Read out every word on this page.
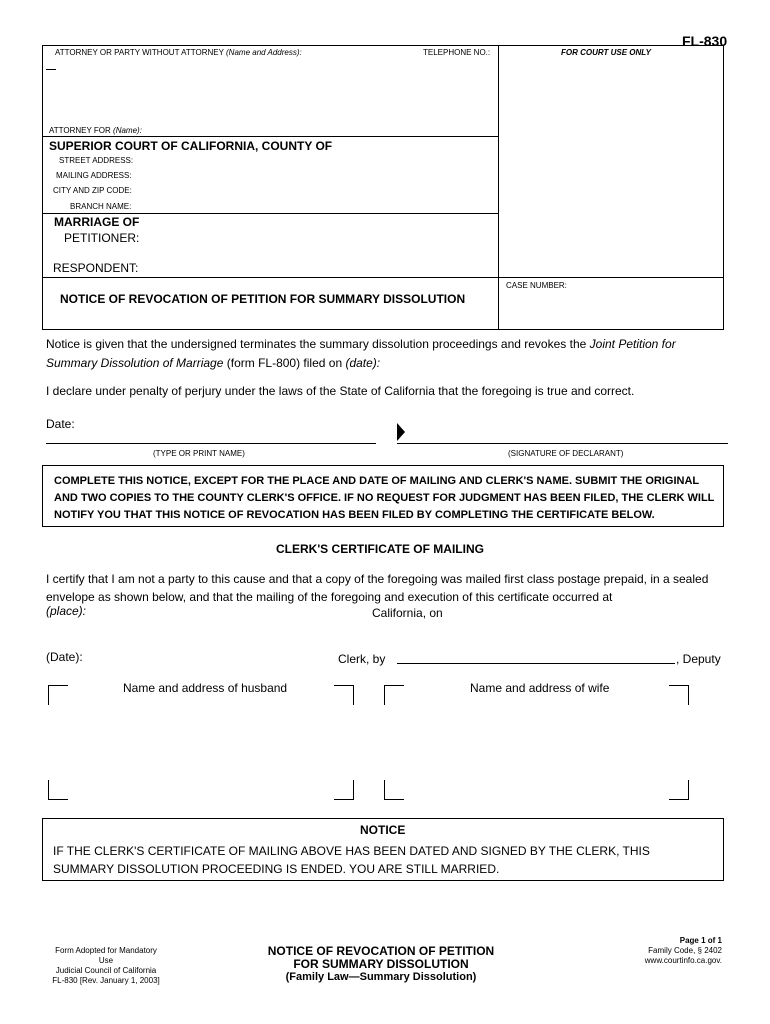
FL-830
ATTORNEY OR PARTY WITHOUT ATTORNEY (Name and Address):	TELEPHONE NO.:	FOR COURT USE ONLY
ATTORNEY FOR (Name):
SUPERIOR COURT OF CALIFORNIA, COUNTY OF
STREET ADDRESS:
MAILING ADDRESS:
CITY AND ZIP CODE:
BRANCH NAME:
MARRIAGE OF
PETITIONER:
RESPONDENT:
NOTICE OF REVOCATION OF PETITION FOR SUMMARY DISSOLUTION
CASE NUMBER:
Notice is given that the undersigned terminates the summary dissolution proceedings and revokes the Joint Petition for Summary Dissolution of Marriage (form FL-800) filed on (date):
I declare under penalty of perjury under the laws of the State of California that the foregoing is true and correct.
Date:
(TYPE OR PRINT NAME)	(SIGNATURE OF DECLARANT)
COMPLETE THIS NOTICE, EXCEPT FOR THE PLACE AND DATE OF MAILING AND CLERK'S NAME. SUBMIT THE ORIGINAL AND TWO COPIES TO THE COUNTY CLERK'S OFFICE. IF NO REQUEST FOR JUDGMENT HAS BEEN FILED, THE CLERK WILL NOTIFY YOU THAT THIS NOTICE OF REVOCATION HAS BEEN FILED BY COMPLETING THE CERTIFICATE BELOW.
CLERK'S CERTIFICATE OF MAILING
I certify that I am not a party to this cause and that a copy of the foregoing was mailed first class postage prepaid, in a sealed envelope as shown below, and that the mailing of the foregoing and execution of this certificate occurred at
(place):	California, on
(Date):	Clerk, by	, Deputy
Name and address of husband	Name and address of wife
NOTICE
IF THE CLERK'S CERTIFICATE OF MAILING ABOVE HAS BEEN DATED AND SIGNED BY THE CLERK, THIS SUMMARY DISSOLUTION PROCEEDING IS ENDED. YOU ARE STILL MARRIED.
Form Adopted for Mandatory Use
Judicial Council of California
FL-830 [Rev. January 1, 2003]
NOTICE OF REVOCATION OF PETITION
FOR SUMMARY DISSOLUTION
(Family Law—Summary Dissolution)
Page 1 of 1
Family Code, § 2402
www.courtinfo.ca.gov.
